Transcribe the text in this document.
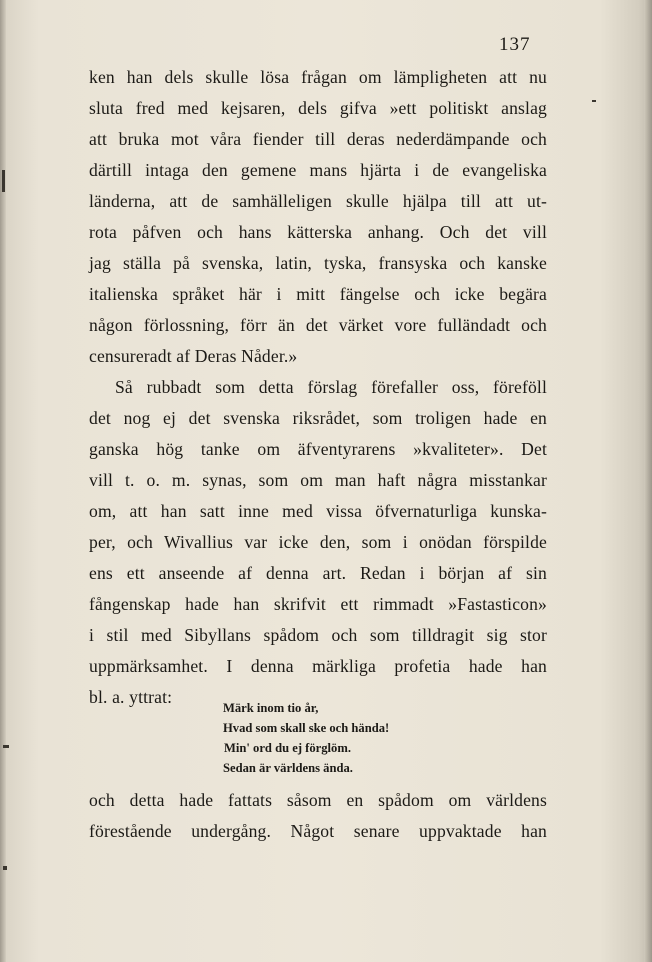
137
ken han dels skulle lösa frågan om lämpligheten att nu
sluta fred med kejsaren, dels gifva »ett politiskt anslag
att bruka mot våra fiender till deras nederdämpande och
därtill intaga den gemene mans hjärta i de evangeliska
länderna, att de samhälleligen skulle hjälpa till att ut-
rota påfven och hans kätterska anhang. Och det vill
jag ställa på svenska, latin, tyska, fransyska och kanske
italienska språket här i mitt fängelse och icke begära
någon förlossning, förr än det värket vore fulländadt och
censureradt af Deras Nåder.»
Så rubbadt som detta förslag förefaller oss, föreföll
det nog ej det svenska riksrådet, som troligen hade en
ganska hög tanke om äfventyrarens »kvaliteter». Det
vill t. o. m. synas, som om man haft några misstankar
om, att han satt inne med vissa öfvernaturliga kunska-
per, och Wivallius var icke den, som i onödan förspilde
ens ett anseende af denna art. Redan i början af sin
fångenskap hade han skrifvit ett rimmadt »Fastasticon»
i stil med Sibyllans spådom och som tilldragit sig stor
uppmärksamhet. I denna märkliga profetia hade han
bl. a. yttrat:
Märk inom tio år,
Hvad som skall ske och hända!
Min' ord du ej förglöm.
Sedan är världens ända.
och detta hade fattats såsom en spådom om världens
förestående undergång. Något senare uppvaktade han
